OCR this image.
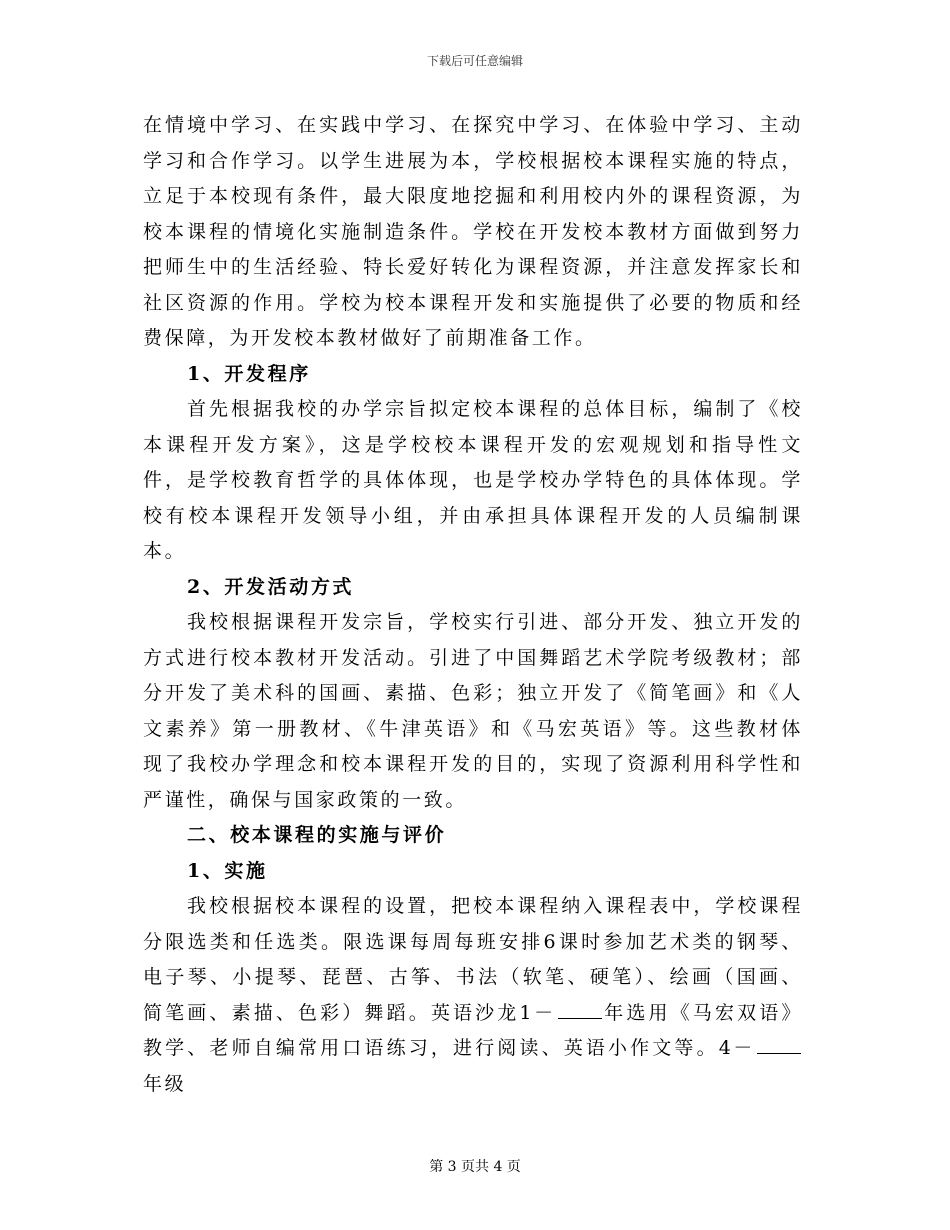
下载后可任意编辑

在情境中学习、在实践中学习、在探究中学习、在体验中学习、主动学习和合作学习。以学生进展为本，学校根据校本课程实施的特点，立足于本校现有条件，最大限度地挖掘和利用校内外的课程资源，为校本课程的情境化实施制造条件。学校在开发校本教材方面做到努力把师生中的生活经验、特长爱好转化为课程资源，并注意发挥家长和社区资源的作用。学校为校本课程开发和实施提供了必要的物质和经费保障，为开发校本教材做好了前期准备工作。

1、开发程序

首先根据我校的办学宗旨拟定校本课程的总体目标，编制了《校本课程开发方案》，这是学校校本课程开发的宏观规划和指导性文件，是学校教育哲学的具体体现，也是学校办学特色的具体体现。学校有校本课程开发领导小组，并由承担具体课程开发的人员编制课本。

2、开发活动方式

我校根据课程开发宗旨，学校实行引进、部分开发、独立开发的方式进行校本教材开发活动。引进了中国舞蹈艺术学院考级教材；部分开发了美术科的国画、素描、色彩；独立开发了《简笔画》和《人文素养》第一册教材、《牛津英语》和《马宏英语》等。这些教材体现了我校办学理念和校本课程开发的目的，实现了资源利用科学性和严谨性，确保与国家政策的一致。

二、校本课程的实施与评价

1、实施

我校根据校本课程的设置，把校本课程纳入课程表中，学校课程分限选类和任选类。限选课每周每班安排6课时参加艺术类的钢琴、电子琴、小提琴、琵琶、古筝、书法（软笔、硬笔）、绘画（国画、简笔画、素描、色彩）舞蹈。英语沙龙1－	年选用《马宏双语》教学、老师自编常用口语练习，进行阅读、英语小作文等。4－年级

第 3 页共 4 页
